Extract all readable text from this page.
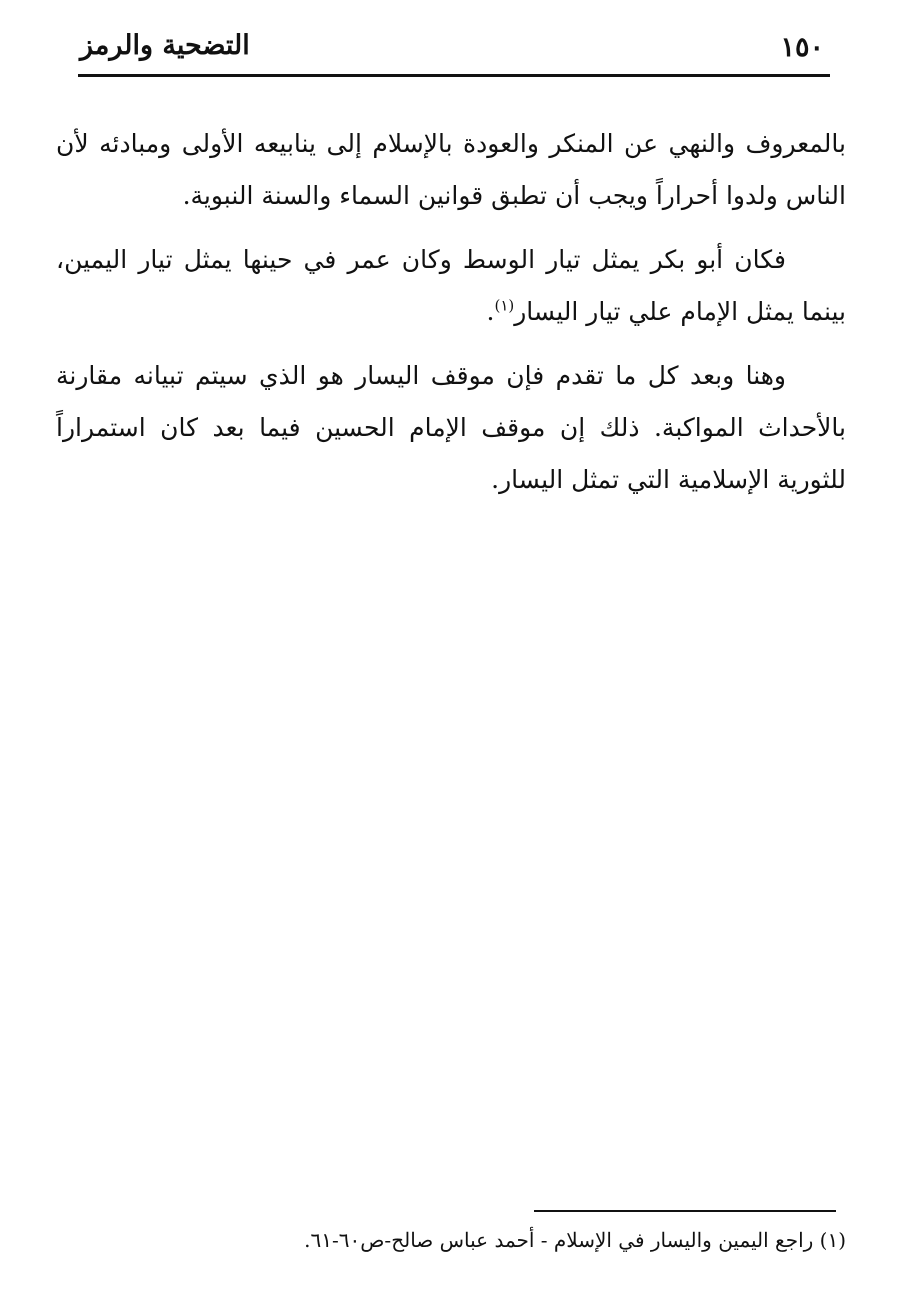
١٥٠
التضحية والرمز

بالمعروف والنهي عن المنكر والعودة بالإسلام إلى ينابيعه الأولى ومبادئه لأن الناس ولدوا أحراراً ويجب أن تطبق قوانين السماء والسنة النبوية.

فكان أبو بكر يمثل تيار الوسط وكان عمر في حينها يمثل تيار اليمين، بينما يمثل الإمام علي تيار اليسار$^{(١)}$.

وهنا وبعد كل ما تقدم فإن موقف اليسار هو الذي سيتم تبيانه مقارنة بالأحداث المواكبة. ذلك إن موقف الإمام الحسين فيما بعد كان استمراراً للثورية الإسلامية التي تمثل اليسار.

(١) راجع اليمين واليسار في الإسلام - أحمد عباس صالح-ص٦٠-٦١.
